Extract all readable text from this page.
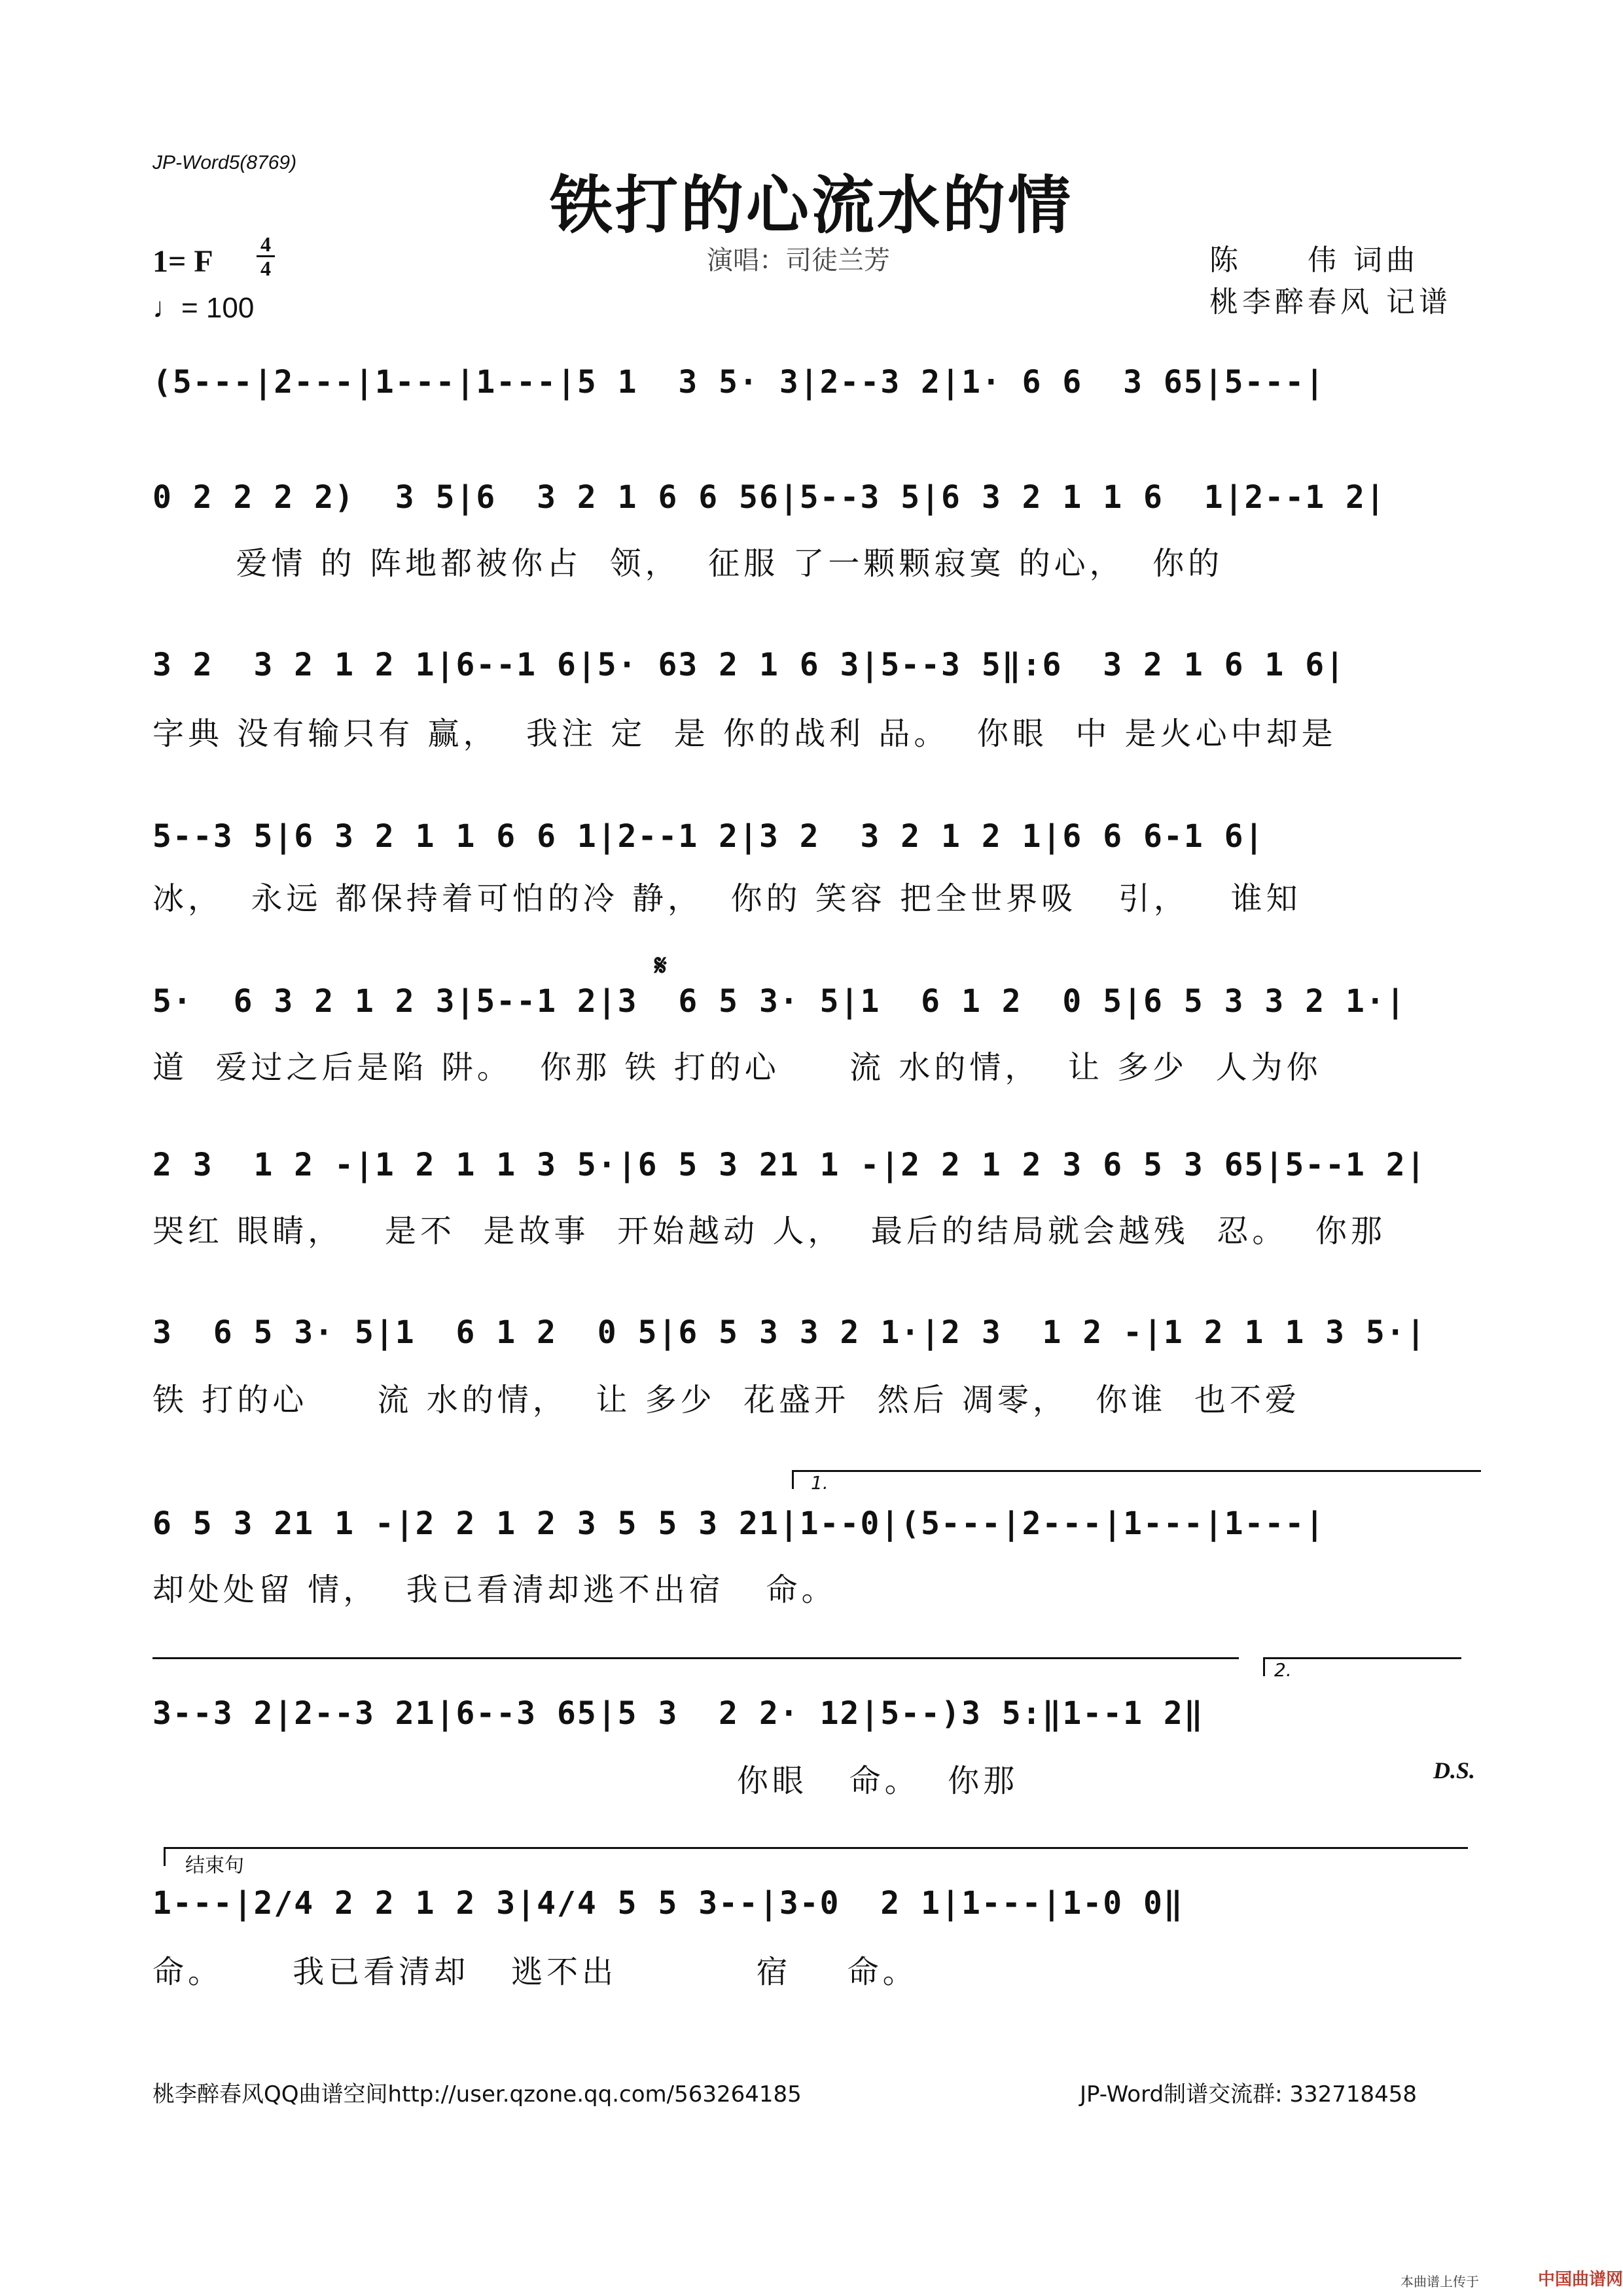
JP-Word5(8769)
铁打的心流水的情
1= F 4
4
♩= 100
演唱：司徒兰芳	陈　　伟 词曲
桃李醉春风 记谱
(5---|2---|1---|1---|5 1  3 5· 3|2--3 2|1· 6 6  3 65|5---|
0 2 2 2 2)  3 5|6  3 2 1 6 6 56|5--3 5|6 3 2 1 1 6  1|2--1 2|
爱情 的 阵地都被你占  领，  征服 了一颗颗寂寞 的心，  你的
3 2  3 2 1 2 1|6--1 6|5· 63 2 1 6 3|5--3 5‖:6  3 2 1 6 1 6|
字典 没有输只有 赢，  我注 定  是 你的战利 品。  你眼  中 是火心中却是
5--3 5|6 3 2 1 1 6 6 1|2--1 2|3 2  3 2 1 2 1|6 6 6-1 6|
冰，  永远 都保持着可怕的冷 静，  你的 笑容 把全世界吸   引，   谁知
𝄋
5·  6 3 2 1 2 3|5--1 2|3  6 5 3· 5|1  6 1 2  0 5|6 5 3 3 2 1·|
道  爱过之后是陷 阱。  你那 铁 打的心     流 水的情，  让 多少  人为你
2 3  1 2 -|1 2 1 1 3 5·|6 5 3 21 1 -|2 2 1 2 3 6 5 3 65|5--1 2|
哭红 眼睛，   是不  是故事  开始越动 人，  最后的结局就会越残  忍。  你那
3  6 5 3· 5|1  6 1 2  0 5|6 5 3 3 2 1·|2 3  1 2 -|1 2 1 1 3 5·|
铁 打的心     流 水的情，  让 多少  花盛开  然后 凋零，  你谁  也不爱
1.
6 5 3 21 1 -|2 2 1 2 3 5 5 3 21|1--0|(5---|2---|1---|1---|
却处处留 情，  我已看清却逃不出宿   命。
2.
3--3 2|2--3 21|6--3 65|5 3  2 2· 12|5--)3 5:‖1--1 2‖
你眼   命。  你那	D.S.
结束句
1---|2/4 2 2 1 2 3|4/4 5 5 3--|3-0  2 1|1---|1-0 0‖
命。     我已看清却   逃不出          宿    命。
桃李醉春风QQ曲谱空间http://user.qzone.qq.com/563264185	JP-Word制谱交流群: 332718458
本曲谱上传于	中国曲谱网
